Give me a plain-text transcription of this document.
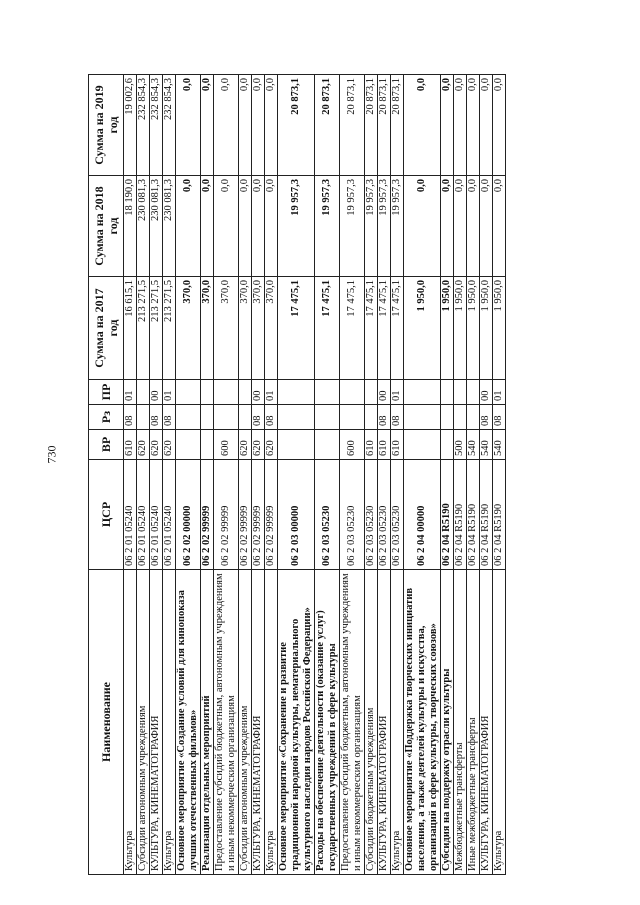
730
Наименование	ЦСР	ВР	Рз	ПР	Сумма на 2017 год	Сумма на 2018 год	Сумма на 2019 год
Культура	06 2 01 05240	610	08	01	16 615,1	18 190,0	19 002,6
Субсидии автономным учреждениям	06 2 01 05240	620			213 271,5	230 081,3	232 854,3
КУЛЬТУРА, КИНЕМАТОГРАФИЯ	06 2 01 05240	620	08	00	213 271,5	230 081,3	232 854,3
Культура	06 2 01 05240	620	08	01	213 271,5	230 081,3	232 854,3
Основное мероприятие «Создание условий для кинопоказа лучших отечественных фильмов»	06 2 02 00000				370,0	0,0	0,0
Реализация отдельных мероприятий	06 2 02 99999				370,0	0,0	0,0
Предоставление субсидий бюджетным, автономным учреждениям и иным некоммерческим организациям	06 2 02 99999	600			370,0	0,0	0,0
Субсидии автономным учреждениям	06 2 02 99999	620			370,0	0,0	0,0
КУЛЬТУРА, КИНЕМАТОГРАФИЯ	06 2 02 99999	620	08	00	370,0	0,0	0,0
Культура	06 2 02 99999	620	08	01	370,0	0,0	0,0
Основное мероприятие «Сохранение и развитие традиционной народной культуры, нематериального культурного наследия народов Российской Федерации»	06 2 03 00000				17 475,1	19 957,3	20 873,1
Расходы на обеспечение деятельности (оказание услуг) государственных учреждений в сфере культуры	06 2 03 05230				17 475,1	19 957,3	20 873,1
Предоставление субсидий бюджетным, автономным учреждениям и иным некоммерческим организациям	06 2 03 05230	600			17 475,1	19 957,3	20 873,1
Субсидии бюджетным учреждениям	06 2 03 05230	610			17 475,1	19 957,3	20 873,1
КУЛЬТУРА, КИНЕМАТОГРАФИЯ	06 2 03 05230	610	08	00	17 475,1	19 957,3	20 873,1
Культура	06 2 03 05230	610	08	01	17 475,1	19 957,3	20 873,1
Основное мероприятие «Поддержка творческих инициатив населения, а также деятелей культуры и искусства, организаций в сфере культуры, творческих союзов»	06 2 04 00000				1 950,0	0,0	0,0
Субсидия на поддержку отрасли культуры	06 2 04 R5190				1 950,0	0,0	0,0
Межбюджетные трансферты	06 2 04 R5190	500			1 950,0	0,0	0,0
Иные межбюджетные трансферты	06 2 04 R5190	540			1 950,0	0,0	0,0
КУЛЬТУРА, КИНЕМАТОГРАФИЯ	06 2 04 R5190	540	08	00	1 950,0	0,0	0,0
Культура	06 2 04 R5190	540	08	01	1 950,0	0,0	0,0
